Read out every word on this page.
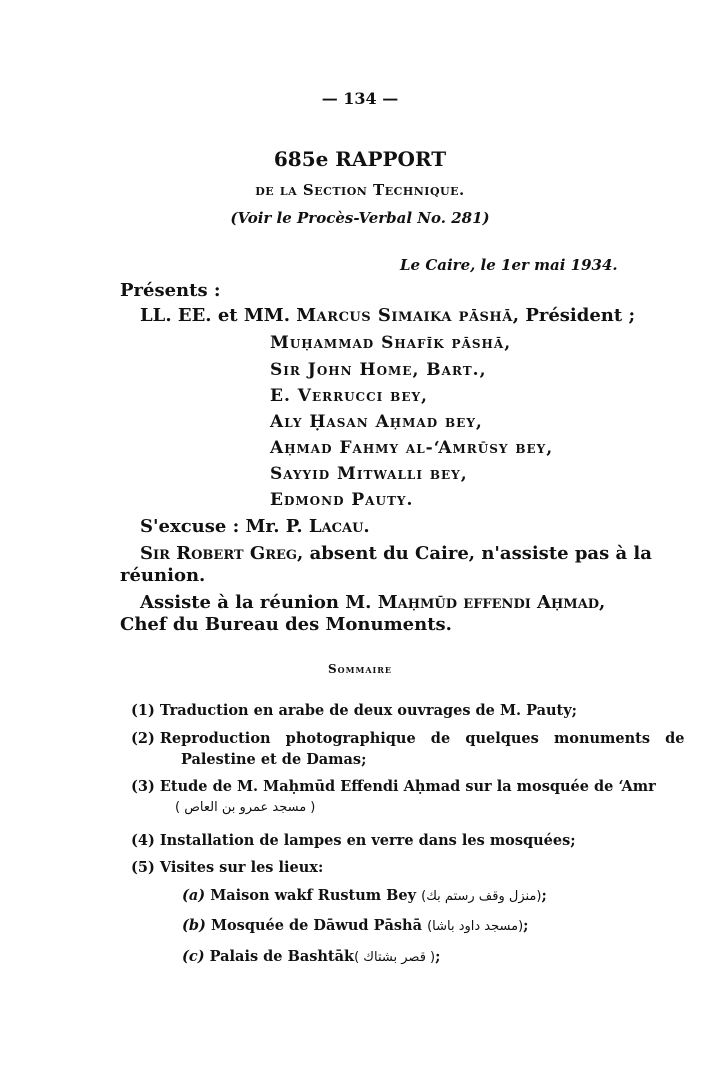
— 134 —
685e RAPPORT
de la Section Technique.
(Voir le Procès-Verbal No. 281)
Le Caire, le 1er mai 1934.
Présents :
LL. EE. et MM. Marcus Simaika pāshā, Président ;
Muḥammad Shafīk pāshā,
Sir John Home, Bart.,
E. Verrucci bey,
Aly Ḥasan Aḥmad bey,
Aḥmad Fahmy al-‘Amrūsy bey,
Sayyid Mitwalli bey,
Edmond Pauty.
S'excuse : Mr. P. Lacau.
Sir Robert Greg, absent du Caire, n'assiste pas à la
réunion.
Assiste à la réunion M. Maḥmūd effendi Aḥmad,
Chef du Bureau des Monuments.
Sommaire
(1) Traduction en arabe de deux ouvrages de M. Pauty;
(2) Reproduction   photographique   de   quelques   monuments   de
Palestine et de Damas;
(3) Etude de M. Maḥmūd Effendi Aḥmad sur la mosquée de ‘Amr
( مسجد عمرو بن العاص )
(4) Installation de lampes en verre dans les mosquées;
(5) Visites sur les lieux:
(a) Maison wakf Rustum Bey (منزل وقف رستم بك);
(b) Mosquée de Dāwud Pāshā (مسجد داود باشا);
(c) Palais de Bashtāk( قصر بشتاك );
